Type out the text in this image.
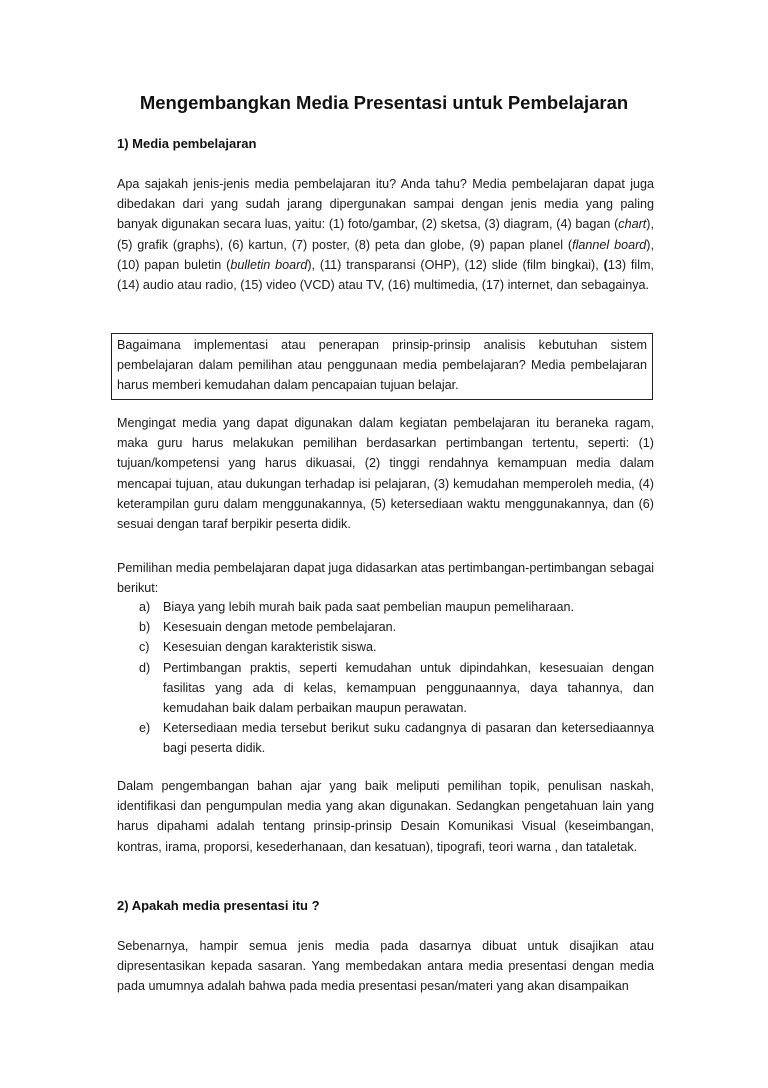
Mengembangkan Media Presentasi untuk Pembelajaran
1) Media pembelajaran
Apa sajakah jenis-jenis media pembelajaran itu? Anda tahu? Media pembelajaran dapat juga dibedakan dari yang sudah jarang dipergunakan sampai dengan jenis media yang paling banyak digunakan secara luas, yaitu: (1) foto/gambar, (2) sketsa, (3) diagram, (4) bagan (chart), (5) grafik (graphs), (6) kartun, (7) poster, (8) peta dan globe, (9) papan planel (flannel board), (10) papan buletin (bulletin board), (11) transparansi (OHP), (12) slide (film bingkai), (13) film, (14) audio atau radio, (15) video (VCD) atau TV, (16) multimedia, (17) internet, dan sebagainya.
Bagaimana implementasi atau penerapan prinsip-prinsip analisis kebutuhan sistem pembelajaran dalam pemilihan atau penggunaan media pembelajaran? Media pembelajaran harus memberi kemudahan dalam pencapaian tujuan belajar.
Mengingat media yang dapat digunakan dalam kegiatan pembelajaran itu beraneka ragam, maka guru harus melakukan pemilihan berdasarkan pertimbangan tertentu, seperti: (1) tujuan/kompetensi yang harus dikuasai, (2) tinggi rendahnya kemampuan media dalam mencapai tujuan, atau dukungan terhadap isi pelajaran, (3) kemudahan memperoleh media, (4) keterampilan guru dalam menggunakannya, (5) ketersediaan waktu menggunakannya, dan (6) sesuai dengan taraf berpikir peserta didik.
Pemilihan media pembelajaran dapat juga didasarkan atas pertimbangan-pertimbangan sebagai berikut:
a) Biaya yang lebih murah baik pada saat pembelian maupun pemeliharaan.
b) Kesesuain dengan metode pembelajaran.
c) Kesesuian dengan karakteristik siswa.
d) Pertimbangan praktis, seperti kemudahan untuk dipindahkan, kesesuaian dengan fasilitas yang ada di kelas, kemampuan penggunaannya, daya tahannya, dan kemudahan baik dalam perbaikan maupun perawatan.
e) Ketersediaan media tersebut berikut suku cadangnya di pasaran dan ketersediaannya bagi peserta didik.
Dalam pengembangan bahan ajar yang baik meliputi pemilihan topik, penulisan naskah, identifikasi dan pengumpulan media yang akan digunakan. Sedangkan pengetahuan lain yang harus dipahami adalah tentang prinsip-prinsip Desain Komunikasi Visual (keseimbangan, kontras, irama, proporsi, kesederhanaan, dan kesatuan), tipografi, teori warna , dan tataletak.
2) Apakah media presentasi itu ?
Sebenarnya, hampir semua jenis media pada dasarnya dibuat untuk disajikan atau dipresentasikan kepada sasaran. Yang membedakan antara media presentasi dengan media pada umumnya adalah bahwa pada media presentasi pesan/materi yang akan disampaikan
